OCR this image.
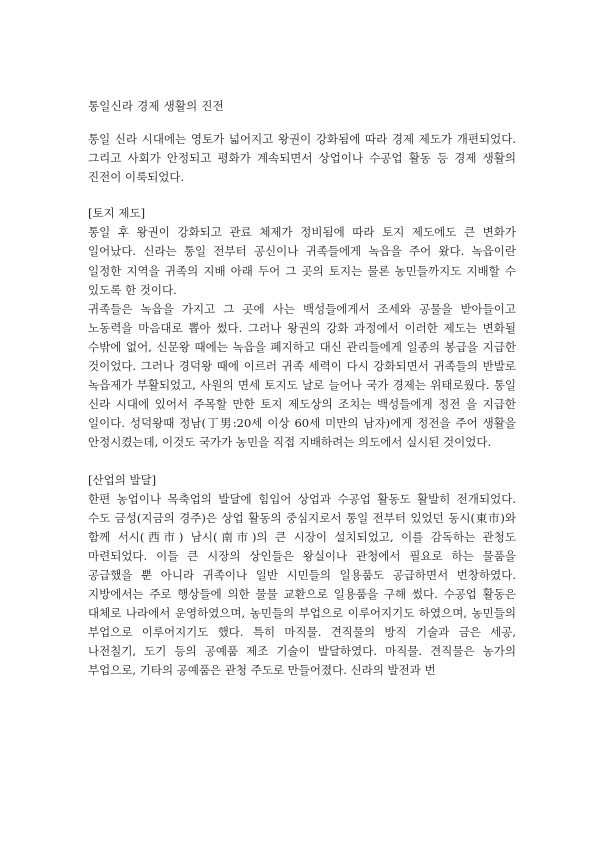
통일신라 경제 생활의 진전

통일 신라 시대에는 영토가 넓어지고 왕권이 강화됨에 따라 경제 제도가 개편되었다. 그리고 사회가 안정되고 평화가 계속되면서 상업이나 수공업 활동 등 경제 생활의 진전이 이룩되었다.

[토지 제도]

통일 후 왕권이 강화되고 관료 체제가 정비됨에 따라 토지 제도에도 큰 변화가 일어났다. 신라는 통일 전부터 공신이나 귀족들에게 녹읍을 주어 왔다. 녹읍이란 일정한 지역을 귀족의 지배 아래 두어 그 곳의 토지는 물론 농민들까지도 지배할 수 있도록 한 것이다.

귀족들은 녹읍을 가지고 그 곳에 사는 백성들에게서 조세와 공물을 받아들이고 노동력을 마음대로 뽑아 썼다. 그러나 왕권의 강화 과정에서 이러한 제도는 변화될 수밖에 없어, 신문왕 때에는 녹읍을 폐지하고 대신 관리들에게 일종의 봉급을 지급한 것이었다. 그러나 경덕왕 때에 이르러 귀족 세력이 다시 강화되면서 귀족들의 반발로 녹읍제가 부활되었고, 사원의 면세 토지도 날로 늘어나 국가 경제는 위태로웠다. 통일 신라 시대에 있어서 주목할 만한 토지 제도상의 조치는 백성들에게 정전 을 지급한 일이다. 성덕왕때 정남(丁男:20세 이상 60세 미만의 남자)에게 정전을 주어 생활을 안정시켰는데, 이것도 국가가 농민을 직접 지배하려는 의도에서 실시된 것이었다.

[산업의 발달]

한편 농업이나 목축업의 발달에 힘입어 상업과 수공업 활동도 활발히 전개되었다. 수도 금성(지금의 경주)은 상업 활동의 중심지로서 통일 전부터 있었던 동시(東市)와 함께 서시(西市) 남시(南市)의 큰 시장이 설치되었고, 이를 감독하는 관청도 마련되었다. 이들 큰 시장의 상인들은 왕실이나 관청에서 필요로 하는 물품을 공급했을 뿐 아니라 귀족이나 일반 시민들의 일용품도 공급하면서 번창하였다. 지방에서는 주로 행상들에 의한 물물 교환으로 일용품을 구해 썼다. 수공업 활동은 대체로 나라에서 운영하였으며, 농민들의 부업으로 이루어지기도 하였으며, 농민들의 부업으로 이루어지기도 했다. 특히 마직물. 견직물의 방직 기술과 금은 세공, 나전칠기, 도기 등의 공예품 제조 기술이 발달하였다. 마직물. 견직물은 농가의 부업으로, 기타의 공예품은 관청 주도로 만들어졌다. 신라의 발전과 번
